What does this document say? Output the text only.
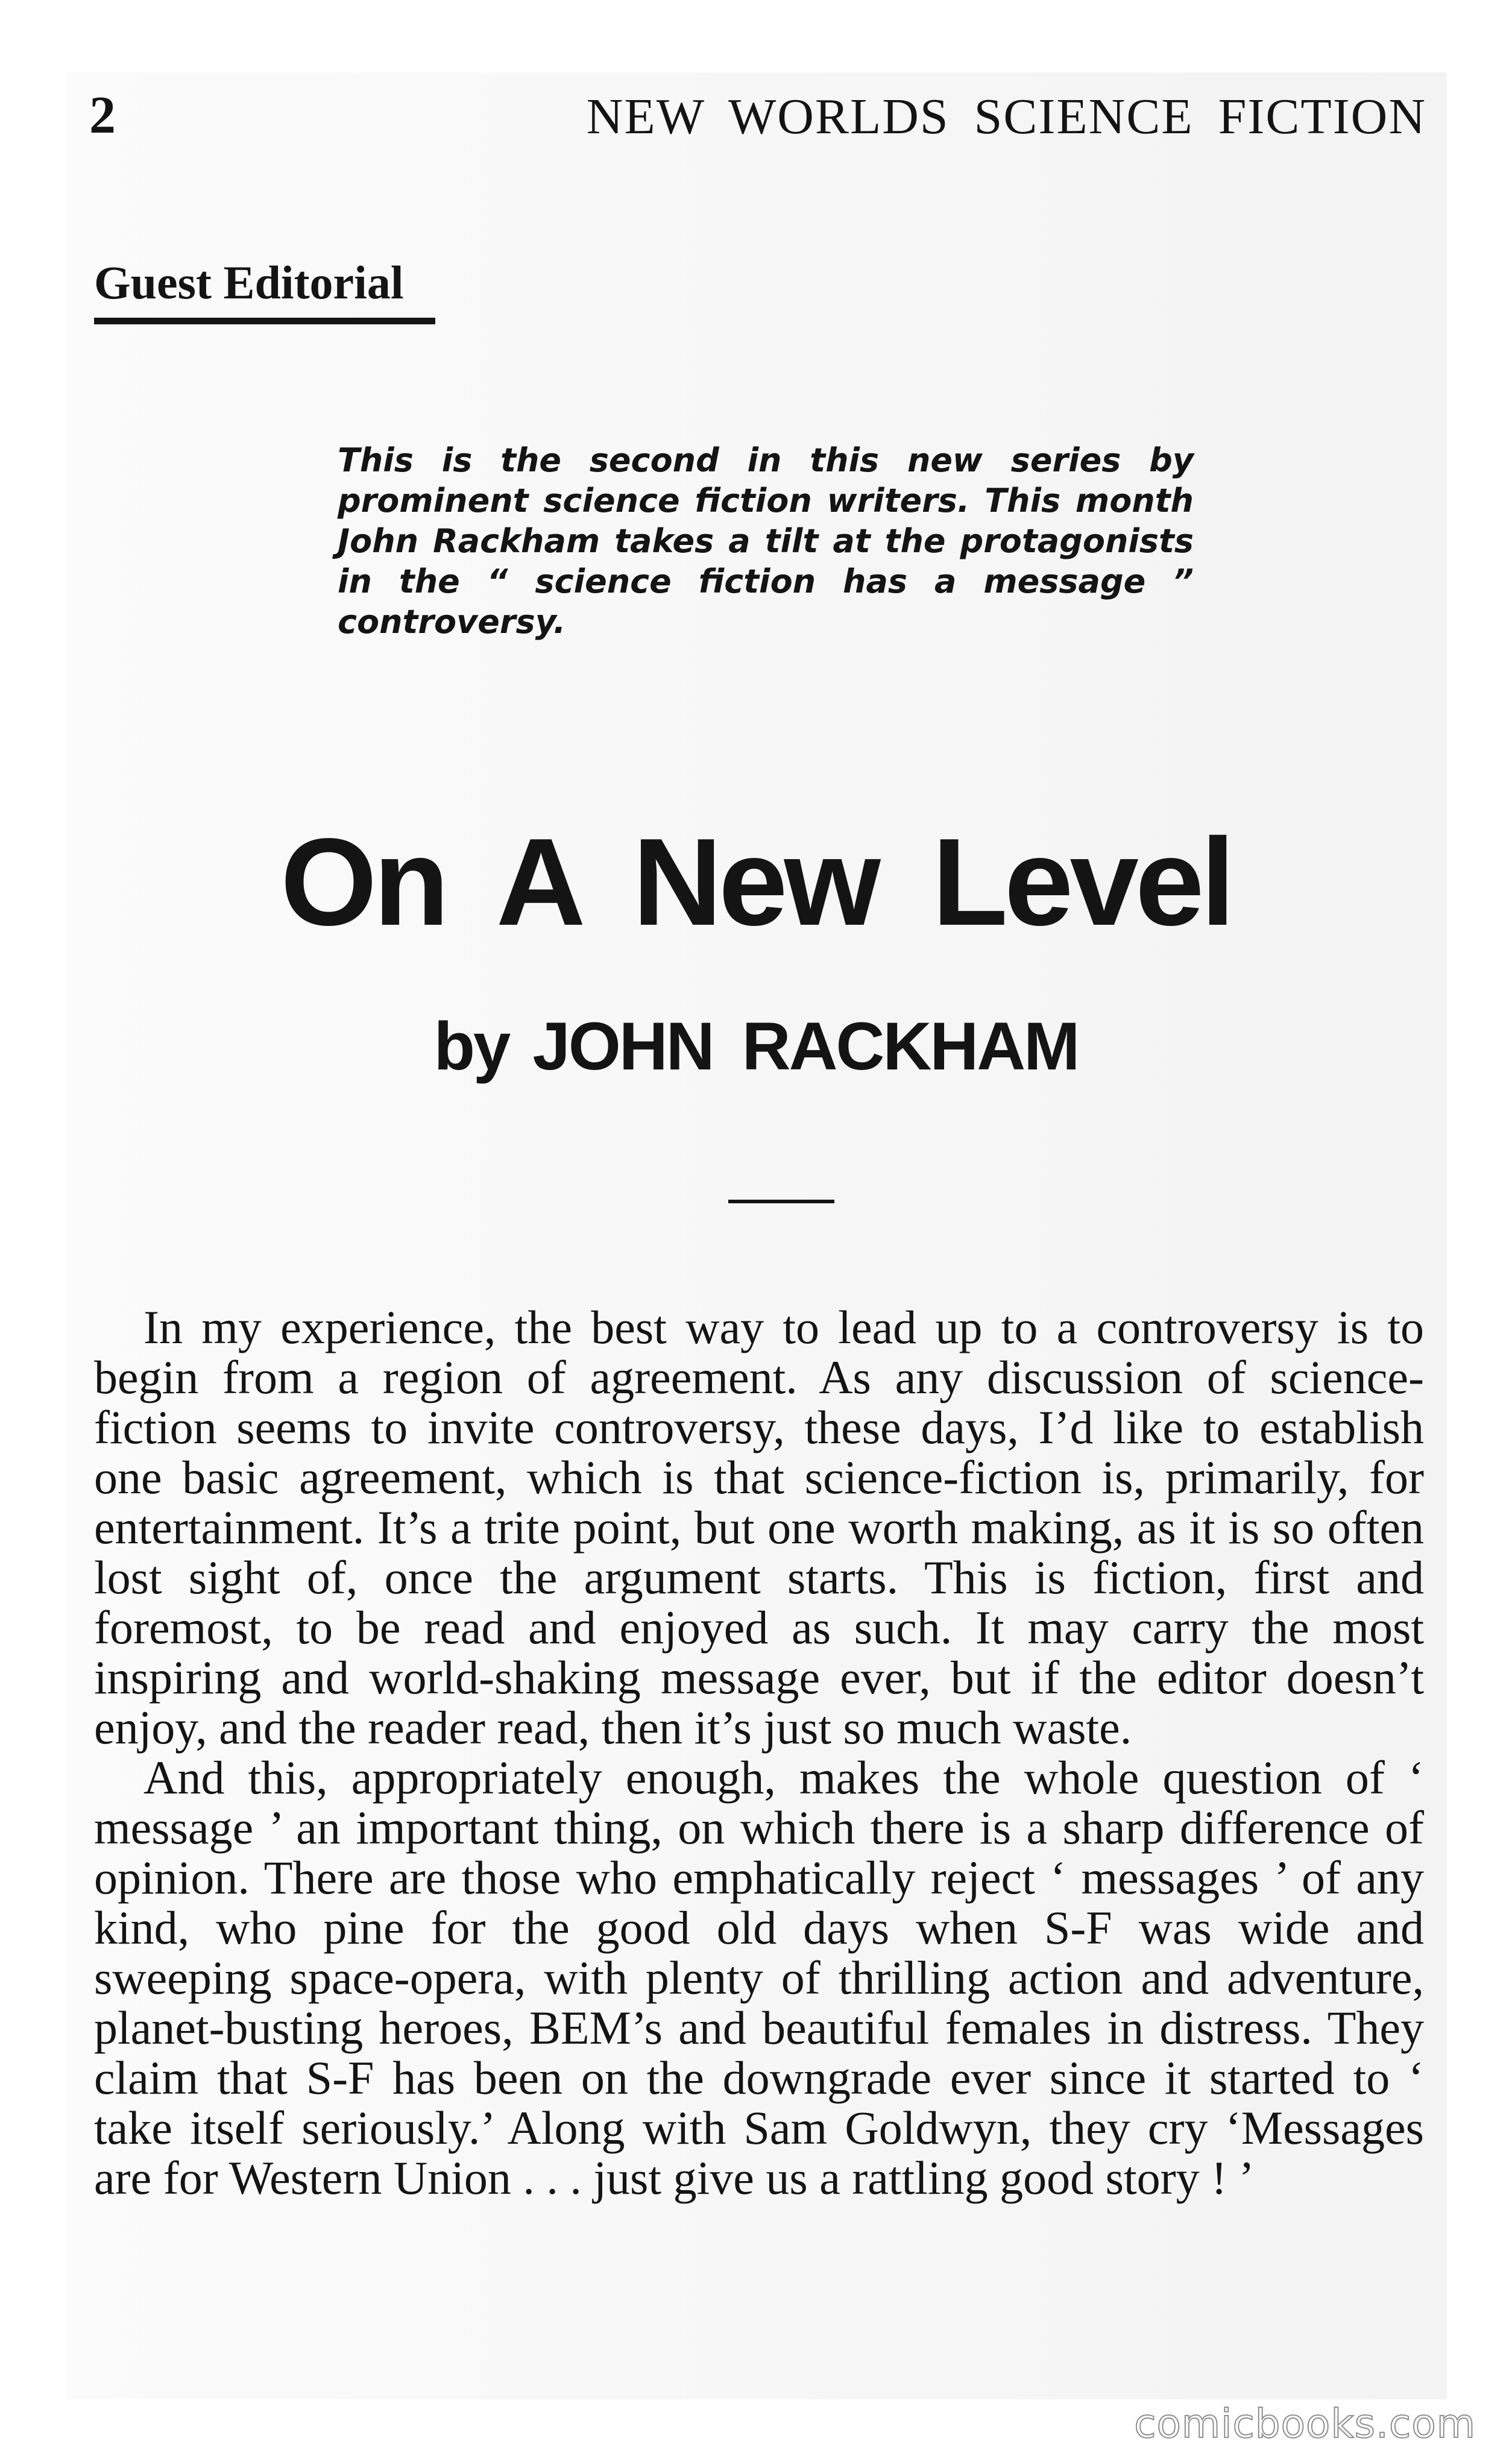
2	NEW WORLDS SCIENCE FICTION
Guest Editorial
This is the second in this new series by prominent science fiction writers. This month John Rackham takes a tilt at the protagonists in the “ science fiction has a message ” controversy.
On A New Level
by JOHN RACKHAM

In my experience, the best way to lead up to a controversy is to begin from a region of agreement. As any discussion of science-fiction seems to invite controversy, these days, I’d like to establish one basic agreement, which is that science-fiction is, primarily, for entertainment. It’s a trite point, but one worth making, as it is so often lost sight of, once the argument starts. This is fiction, first and foremost, to be read and enjoyed as such. It may carry the most inspiring and world-shaking message ever, but if the editor doesn’t enjoy, and the reader read, then it’s just so much waste.

And this, appropriately enough, makes the whole question of ‘ message ’ an important thing, on which there is a sharp difference of opinion. There are those who emphatically reject ‘ messages ’ of any kind, who pine for the good old days when S-F was wide and sweeping space-opera, with plenty of thrilling action and adventure, planet-busting heroes, BEM’s and beautiful females in distress. They claim that S-F has been on the downgrade ever since it started to ‘ take itself seriously.’ Along with Sam Goldwyn, they cry ‘Messages are for Western Union . . . just give us a rattling good story ! ’

comicbooks.com
